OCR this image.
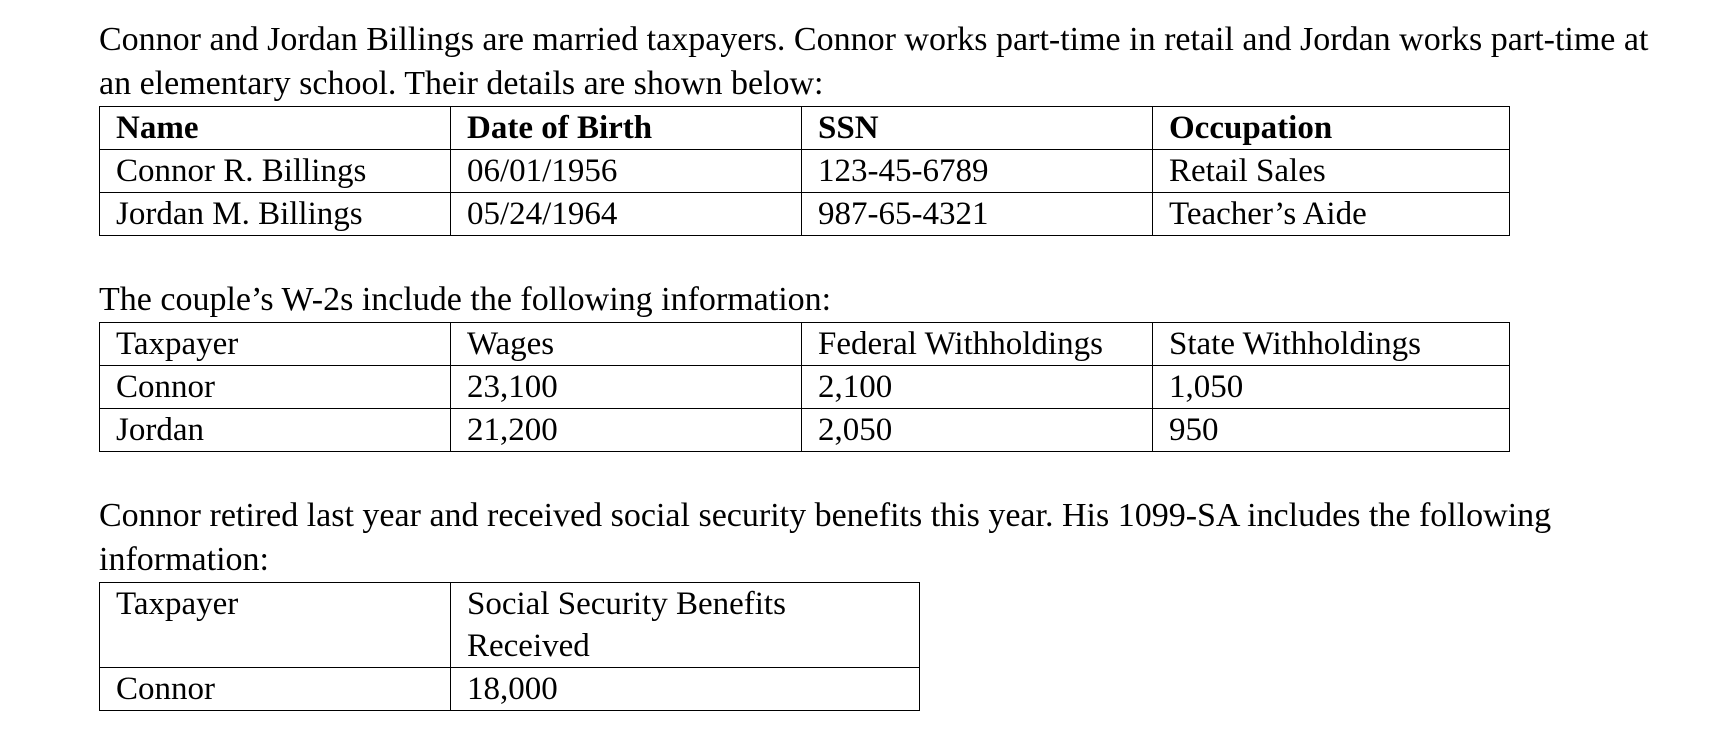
Connor and Jordan Billings are married taxpayers. Connor works part-time in retail and Jordan works part-time at an elementary school. Their details are shown below:

Name	Date of Birth	SSN	Occupation
Connor R. Billings	06/01/1956	123-45-6789	Retail Sales
Jordan M. Billings	05/24/1964	987-65-4321	Teacher’s Aide

The couple’s W-2s include the following information:

Taxpayer	Wages	Federal Withholdings	State Withholdings
Connor	23,100	2,100	1,050
Jordan	21,200	2,050	950

Connor retired last year and received social security benefits this year. His 1099-SA includes the following information:

Taxpayer	Social Security Benefits Received
Connor	18,000
